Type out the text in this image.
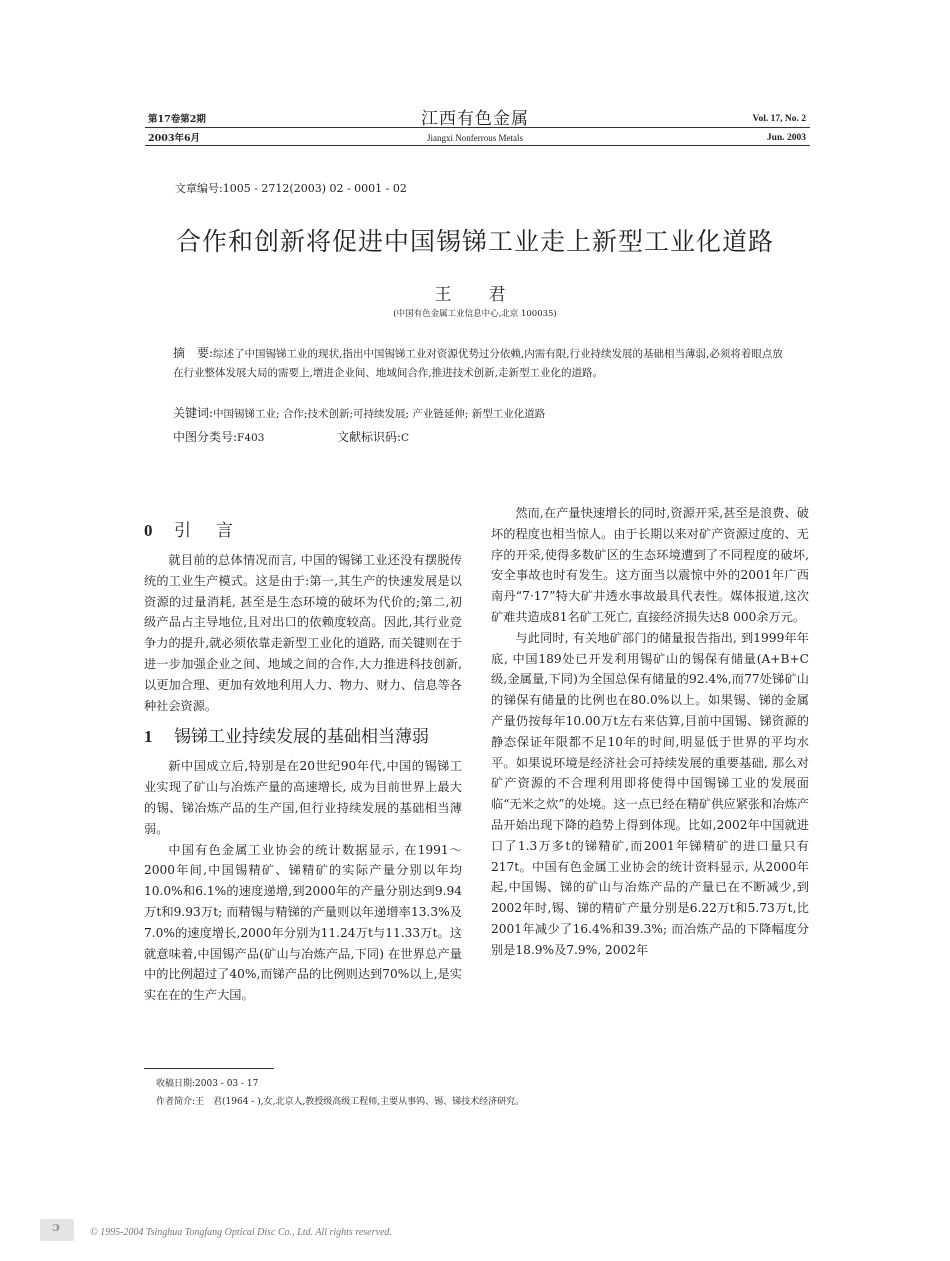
第17卷第2期
2003年6月
江西有色金属
Jiangxi Nonferrous Metals
Vol. 17, No. 2
Jun. 2003
文章编号:1005 - 2712(2003) 02 - 0001 - 02
合作和创新将促进中国锡锑工业走上新型工业化道路
王　君
(中国有色金属工业信息中心,北京 100035)
摘　要:综述了中国锡锑工业的现状,指出中国锡锑工业对资源优势过分依赖,内需有限,行业持续发展的基础相当薄弱,必须将着眼点放在行业整体发展大局的需要上,增进企业间、地域间合作,推进技术创新,走新型工业化的道路。
关键词:中国锡锑工业; 合作;技术创新;可持续发展; 产业链延伸; 新型工业化道路
中图分类号:F403	文献标识码:C
0 引　言

就目前的总体情况而言, 中国的锡锑工业还没有摆脱传统的工业生产模式。这是由于:第一,其生产的快速发展是以资源的过量消耗, 甚至是生态环境的破坏为代价的;第二,初级产品占主导地位,且对出口的依赖度较高。因此,其行业竞争力的提升,就必须依靠走新型工业化的道路, 而关键则在于进一步加强企业之间、地域之间的合作,大力推进科技创新,以更加合理、更加有效地利用人力、物力、财力、信息等各种社会资源。

1 锡锑工业持续发展的基础相当薄弱

新中国成立后,特别是在20世纪90年代,中国的锡锑工业实现了矿山与冶炼产量的高速增长, 成为目前世界上最大的锡、锑冶炼产品的生产国,但行业持续发展的基础相当薄弱。

中国有色金属工业协会的统计数据显示, 在1991～2000年间,中国锡精矿、锑精矿的实际产量分别以年均10.0%和6.1%的速度递增,到2000年的产量分别达到9.94万t和9.93万t; 而精锡与精锑的产量则以年递增率13.3%及7.0%的速度增长,2000年分别为11.24万t与11.33万t。这就意味着,中国锡产品(矿山与冶炼产品,下同) 在世界总产量中的比例超过了40%,而锑产品的比例则达到70%以上,是实实在在的生产大国。

然而,在产量快速增长的同时,资源开采,甚至是浪费、破坏的程度也相当惊人。由于长期以来对矿产资源过度的、无序的开采,使得多数矿区的生态环境遭到了不同程度的破坏, 安全事故也时有发生。这方面当以震惊中外的2001年广西南丹“7·17”特大矿井透水事故最具代表性。媒体报道,这次矿难共造成81名矿工死亡, 直接经济损失达8 000余万元。

与此同时, 有关地矿部门的储量报告指出, 到1999年年底, 中国189处已开发利用锡矿山的锡保有储量(A+B+C级,金属量,下同)为全国总保有储量的92.4%,而77处锑矿山的锑保有储量的比例也在80.0%以上。如果锡、锑的金属产量仍按每年10.00万t左右来估算,目前中国锡、锑资源的静态保证年限都不足10年的时间,明显低于世界的平均水平。如果说环境是经济社会可持续发展的重要基础, 那么对矿产资源的不合理利用即将使得中国锡锑工业的发展面临“无米之炊”的处境。这一点已经在精矿供应紧张和冶炼产品开始出现下降的趋势上得到体现。比如,2002年中国就进口了1.3万多t的锑精矿,而2001年锑精矿的进口量只有217t。中国有色金属工业协会的统计资料显示, 从2000年起,中国锡、锑的矿山与冶炼产品的产量已在不断减少,到2002年时,锡、锑的精矿产量分别是6.22万t和5.73万t,比2001年减少了16.4%和39.3%; 而冶炼产品的下降幅度分别是18.9%及7.9%, 2002年

收稿日期:2003 - 03 - 17
作者简介:王　君(1964 - ),女,北京人,教授级高级工程师,主要从事钨、锡、锑技术经济研究。
ɔ	© 1995-2004 Tsinghua Tongfang Optical Disc Co., Ltd. All rights reserved.
